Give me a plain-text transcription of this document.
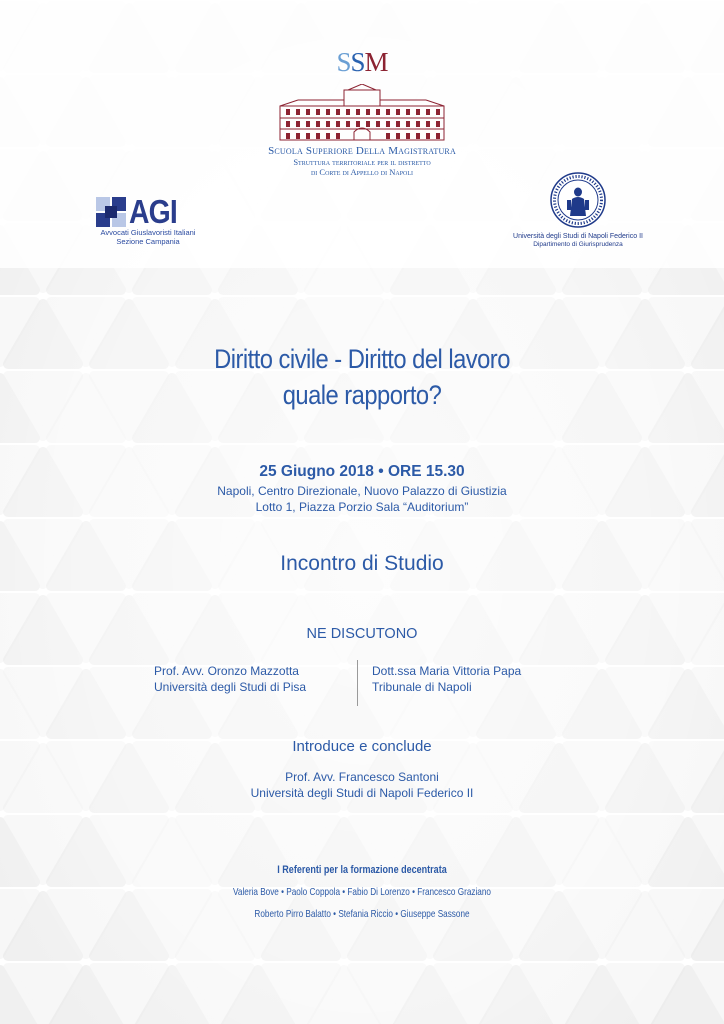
SSM
Scuola Superiore Della Magistratura
Struttura territoriale per il distretto
di Corte di Appello di Napoli
AGI
Avvocati Giuslavoristi Italiani
Sezione Campania
Università degli Studi di Napoli Federico II
Dipartimento di Giurisprudenza
Diritto civile - Diritto del lavoro
quale rapporto?
25 Giugno 2018 • ORE 15.30
Napoli, Centro Direzionale, Nuovo Palazzo di Giustizia
Lotto 1, Piazza Porzio Sala “Auditorium”
Incontro di Studio
NE DISCUTONO
Prof. Avv. Oronzo Mazzotta
Università degli Studi di Pisa
Dott.ssa Maria Vittoria Papa
Tribunale di Napoli
Introduce e conclude
Prof. Avv. Francesco Santoni
Università degli Studi di Napoli Federico II
I Referenti per la formazione decentrata
Valeria Bove • Paolo Coppola • Fabio Di Lorenzo • Francesco Graziano
Roberto Pirro Balatto • Stefania Riccio • Giuseppe Sassone
